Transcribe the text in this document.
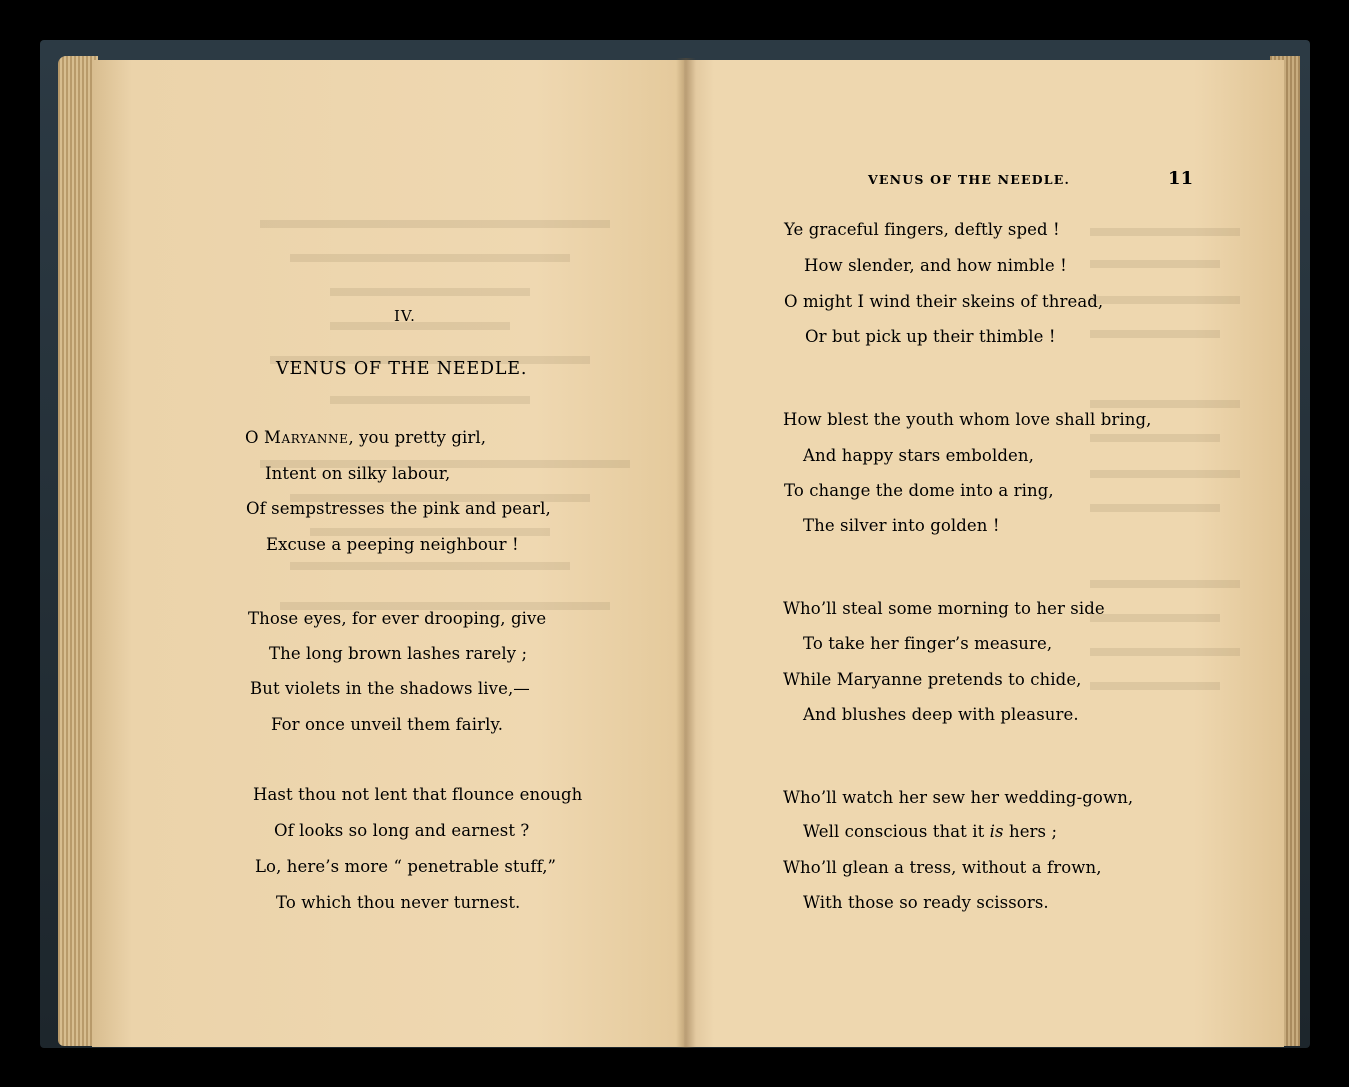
IV.
VENUS OF THE NEEDLE.
O Maryanne, you pretty girl,
Intent on silky labour,
Of sempstresses the pink and pearl,
Excuse a peeping neighbour !
Those eyes, for ever drooping, give
The long brown lashes rarely ;
But violets in the shadows live,—
For once unveil them fairly.
Hast thou not lent that flounce enough
Of looks so long and earnest ?
Lo, here’s more “ penetrable stuff,”
To which thou never turnest.
VENUS OF THE NEEDLE.	11
Ye graceful fingers, deftly sped !
How slender, and how nimble !
O might I wind their skeins of thread,
Or but pick up their thimble !
How blest the youth whom love shall bring,
And happy stars embolden,
To change the dome into a ring,
The silver into golden !
Who’ll steal some morning to her side
To take her finger’s measure,
While Maryanne pretends to chide,
And blushes deep with pleasure.
Who’ll watch her sew her wedding-gown,
Well conscious that it is hers ;
Who’ll glean a tress, without a frown,
With those so ready scissors.
